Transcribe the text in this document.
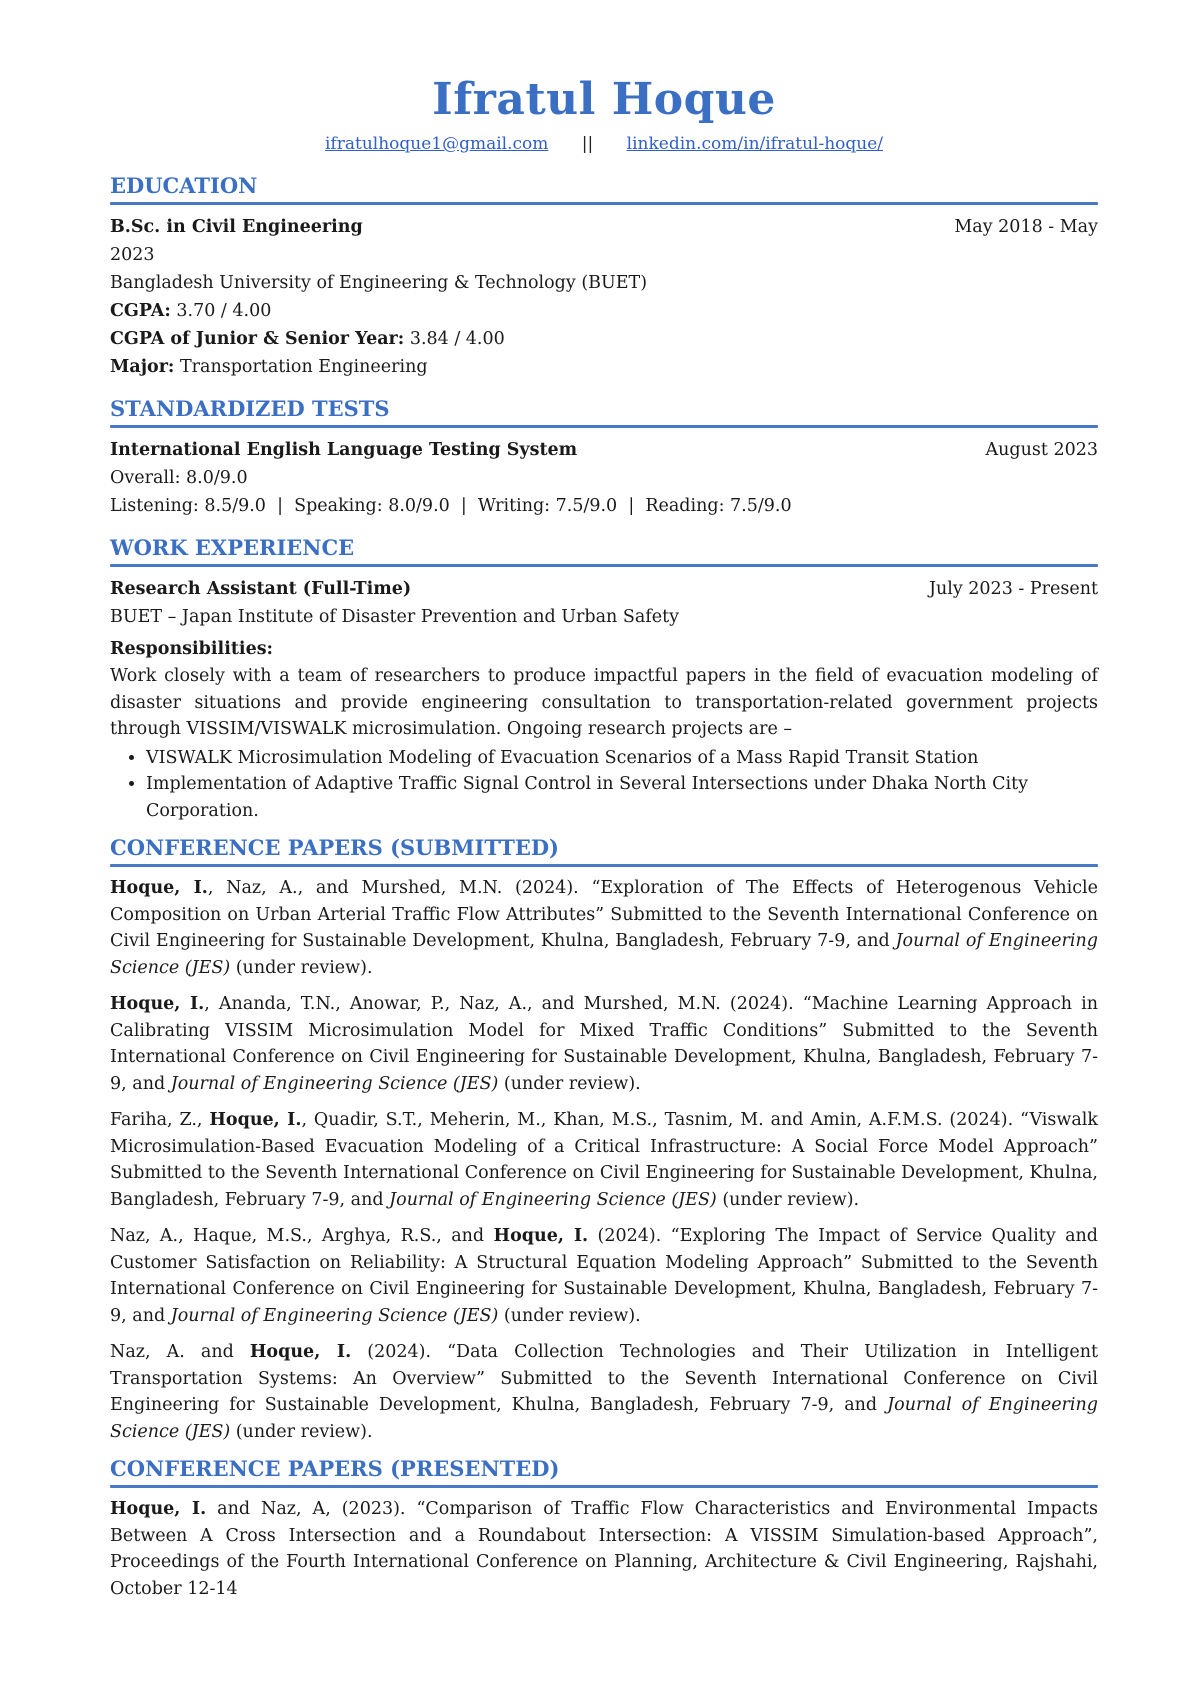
Ifratul Hoque
ifratulhoque1@gmail.com || linkedin.com/in/ifratul-hoque/
EDUCATION
B.Sc. in Civil Engineering	May 2018 - May
2023
Bangladesh University of Engineering & Technology (BUET)
CGPA: 3.70 / 4.00
CGPA of Junior & Senior Year: 3.84 / 4.00
Major: Transportation Engineering
STANDARDIZED TESTS
International English Language Testing System	August 2023
Overall: 8.0/9.0
Listening: 8.5/9.0  |  Speaking: 8.0/9.0  |  Writing: 7.5/9.0  |  Reading: 7.5/9.0
WORK EXPERIENCE
Research Assistant (Full-Time)	July 2023 - Present
BUET – Japan Institute of Disaster Prevention and Urban Safety
Responsibilities:
Work closely with a team of researchers to produce impactful papers in the field of evacuation modeling of disaster situations and provide engineering consultation to transportation-related government projects through VISSIM/VISWALK microsimulation. Ongoing research projects are –
• VISWALK Microsimulation Modeling of Evacuation Scenarios of a Mass Rapid Transit Station
• Implementation of Adaptive Traffic Signal Control in Several Intersections under Dhaka North City Corporation.
CONFERENCE PAPERS (SUBMITTED)
Hoque, I., Naz, A., and Murshed, M.N. (2024). “Exploration of The Effects of Heterogenous Vehicle Composition on Urban Arterial Traffic Flow Attributes” Submitted to the Seventh International Conference on Civil Engineering for Sustainable Development, Khulna, Bangladesh, February 7-9, and Journal of Engineering Science (JES) (under review).
Hoque, I., Ananda, T.N., Anowar, P., Naz, A., and Murshed, M.N. (2024). “Machine Learning Approach in Calibrating VISSIM Microsimulation Model for Mixed Traffic Conditions” Submitted to the Seventh International Conference on Civil Engineering for Sustainable Development, Khulna, Bangladesh, February 7-9, and Journal of Engineering Science (JES) (under review).
Fariha, Z., Hoque, I., Quadir, S.T., Meherin, M., Khan, M.S., Tasnim, M. and Amin, A.F.M.S. (2024). “Viswalk Microsimulation-Based Evacuation Modeling of a Critical Infrastructure: A Social Force Model Approach” Submitted to the Seventh International Conference on Civil Engineering for Sustainable Development, Khulna, Bangladesh, February 7-9, and Journal of Engineering Science (JES) (under review).
Naz, A., Haque, M.S., Arghya, R.S., and Hoque, I. (2024). “Exploring The Impact of Service Quality and Customer Satisfaction on Reliability: A Structural Equation Modeling Approach” Submitted to the Seventh International Conference on Civil Engineering for Sustainable Development, Khulna, Bangladesh, February 7-9, and Journal of Engineering Science (JES) (under review).
Naz, A. and Hoque, I. (2024). “Data Collection Technologies and Their Utilization in Intelligent Transportation Systems: An Overview” Submitted to the Seventh International Conference on Civil Engineering for Sustainable Development, Khulna, Bangladesh, February 7-9, and Journal of Engineering Science (JES) (under review).
CONFERENCE PAPERS (PRESENTED)
Hoque, I. and Naz, A, (2023). “Comparison of Traffic Flow Characteristics and Environmental Impacts Between A Cross Intersection and a Roundabout Intersection: A VISSIM Simulation-based Approach”, Proceedings of the Fourth International Conference on Planning, Architecture & Civil Engineering, Rajshahi, October 12-14
